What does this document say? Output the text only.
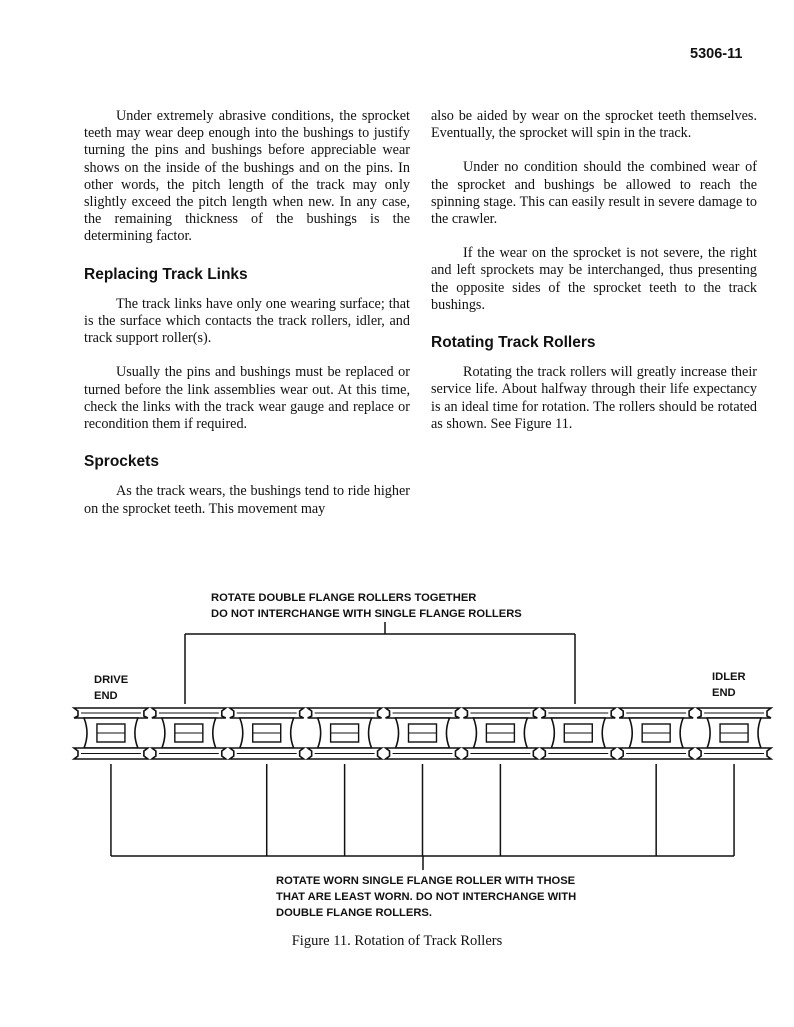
5306-11

Under extremely abrasive conditions, the sprocket teeth may wear deep enough into the bushings to justify turning the pins and bushings before appreciable wear shows on the inside of the bushings and on the pins. In other words, the pitch length of the track may only slightly exceed the pitch length when new. In any case, the remaining thickness of the bushings is the determining factor.

Replacing Track Links

The track links have only one wearing surface; that is the surface which contacts the track rollers, idler, and track support roller(s).

Usually the pins and bushings must be replaced or turned before the link assemblies wear out. At this time, check the links with the track wear gauge and replace or recondition them if required.

Sprockets

As the track wears, the bushings tend to ride higher on the sprocket teeth. This movement may

also be aided by wear on the sprocket teeth themselves. Eventually, the sprocket will spin in the track.

Under no condition should the combined wear of the sprocket and bushings be allowed to reach the spinning stage. This can easily result in severe damage to the crawler.

If the wear on the sprocket is not severe, the right and left sprockets may be interchanged, thus presenting the opposite sides of the sprocket teeth to the track bushings.

Rotating Track Rollers

Rotating the track rollers will greatly increase their service life. About halfway through their life expectancy is an ideal time for rotation. The rollers should be rotated as shown. See Figure 11.

ROTATE DOUBLE FLANGE ROLLERS TOGETHER
DO NOT INTERCHANGE WITH SINGLE FLANGE ROLLERS
DRIVE
END
IDLER
END
ROTATE WORN SINGLE FLANGE ROLLER WITH THOSE
THAT ARE LEAST WORN. DO NOT INTERCHANGE WITH
DOUBLE FLANGE ROLLERS.
Figure 11. Rotation of Track Rollers
